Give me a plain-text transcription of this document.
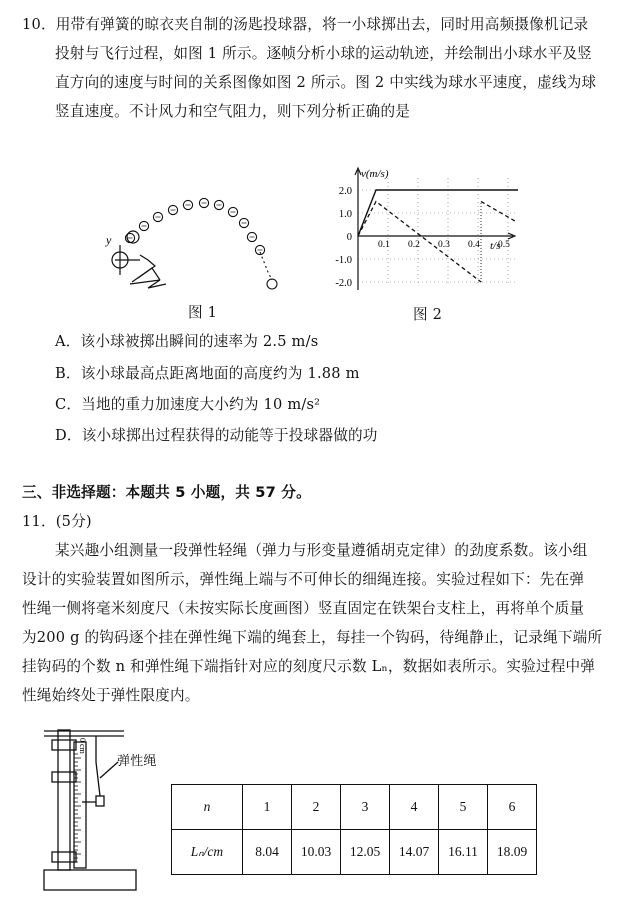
10．用带有弹簧的晾衣夹自制的汤匙投球器，将一小球掷出去，同时用高频摄像机记录
投射与飞行过程，如图 1 所示。逐帧分析小球的运动轨迹，并绘制出小球水平及竖
直方向的速度与时间的关系图像如图 2 所示。图 2 中实线为球水平速度，虚线为球
竖直速度。不计风力和空气阻力，则下列分析正确的是
y
图 1
v(m/s)
t/s
2.0
1.0
0
-1.0
-2.0
0.1 0.2 0.3 0.4 0.5
图 2
A．该小球被掷出瞬间的速率为 2.5 m/s
B．该小球最高点距离地面的高度约为 1.88 m
C．当地的重力加速度大小约为 10 m/s²
D．该小球掷出过程获得的动能等于投球器做的功
三、非选择题：本题共 5 小题，共 57 分。
11．(5分)
某兴趣小组测量一段弹性轻绳（弹力与形变量遵循胡克定律）的劲度系数。该小组
设计的实验装置如图所示，弹性绳上端与不可伸长的细绳连接。实验过程如下：先在弹
性绳一侧将毫米刻度尺（未按实际长度画图）竖直固定在铁架台支柱上，再将单个质量
为200 g 的钩码逐个挂在弹性绳下端的绳套上，每挂一个钩码，待绳静止，记录绳下端所
挂钩码的个数 n 和弹性绳下端指针对应的刻度尺示数 Lₙ，数据如表所示。实验过程中弹
性绳始终处于弹性限度内。
0 cm
弹性绳
n	1	2	3	4	5	6
Lₙ/cm	8.04	10.03	12.05	14.07	16.11	18.09
